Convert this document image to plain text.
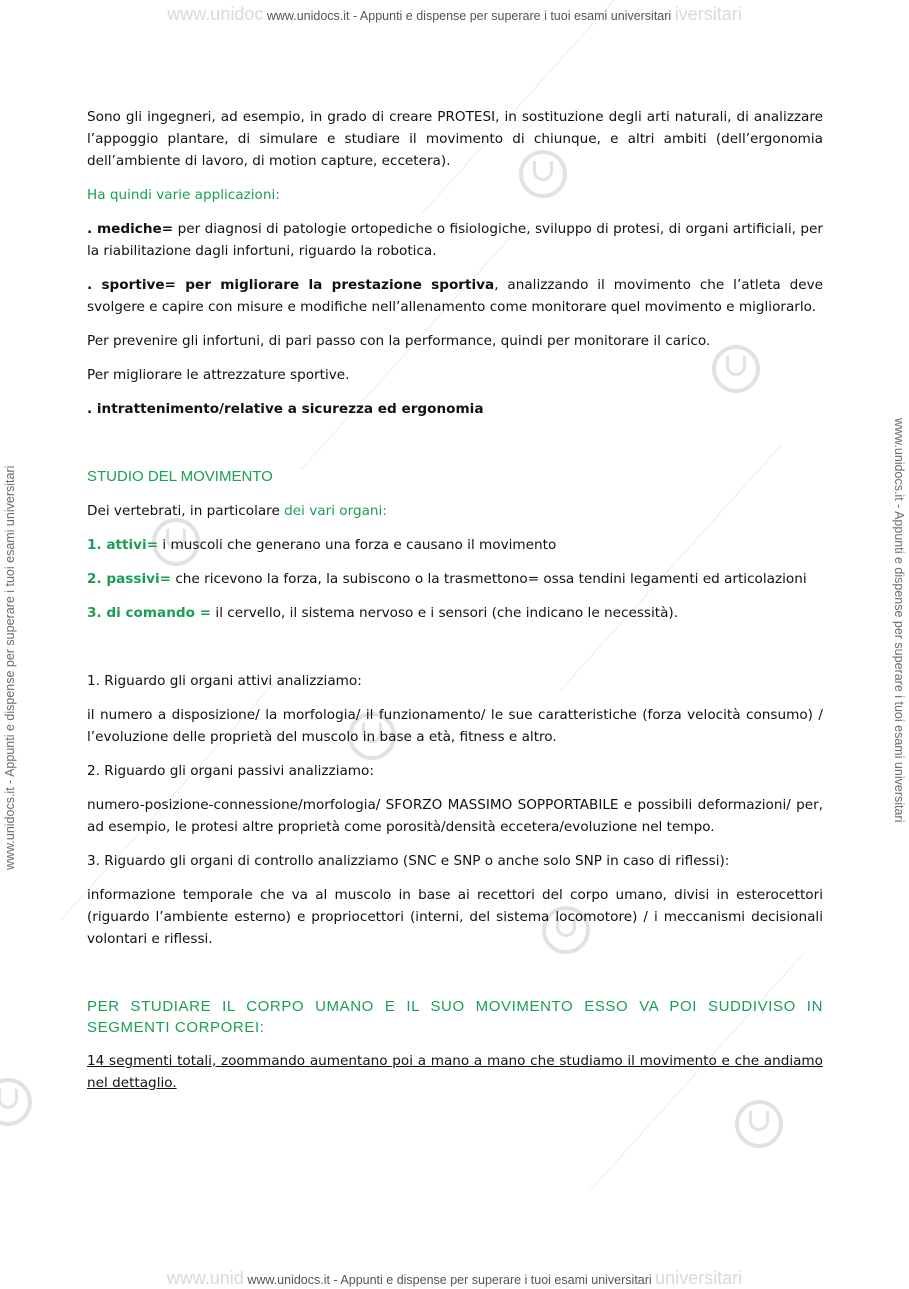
www.unidoc www.unidocs.it - Appunti e dispense per superare i tuoi esami universitari iversitari
www.unid www.unidocs.it - Appunti e dispense per superare i tuoi esami universitari universitari
www.unidocs.it - Appunti e dispense per superare i tuoi esami universitari	www.unidocs.it - Appunti e dispense per superare i tuoi esami universitari

Sono gli ingegneri, ad esempio, in grado di creare PROTESI, in sostituzione degli arti naturali, di analizzare l’appoggio plantare, di simulare e studiare il movimento di chiunque, e altri ambiti (dell’ergonomia dell’ambiente di lavoro, di motion capture, eccetera).

Ha quindi varie applicazioni:

. mediche= per diagnosi di patologie ortopediche o fisiologiche, sviluppo di protesi, di organi artificiali, per la riabilitazione dagli infortuni, riguardo la robotica.

. sportive= per migliorare la prestazione sportiva, analizzando il movimento che l’atleta deve svolgere e capire con misure e modifiche nell’allenamento come monitorare quel movimento e migliorarlo.

Per prevenire gli infortuni, di pari passo con la performance, quindi per monitorare il carico.

Per migliorare le attrezzature sportive.

. intrattenimento/relative a sicurezza ed ergonomia

STUDIO DEL MOVIMENTO

Dei vertebrati, in particolare dei vari organi:

1. attivi= i muscoli che generano una forza e causano il movimento

2. passivi= che ricevono la forza, la subiscono o la trasmettono= ossa tendini legamenti ed articolazioni

3. di comando = il cervello, il sistema nervoso e i sensori (che indicano le necessità).

1. Riguardo gli organi attivi analizziamo:

il numero a disposizione/ la morfologia/ il funzionamento/ le sue caratteristiche (forza velocità consumo) / l’evoluzione delle proprietà del muscolo in base a età, fitness e altro.

2. Riguardo gli organi passivi analizziamo:

numero-posizione-connessione/morfologia/ SFORZO MASSIMO SOPPORTABILE e possibili deformazioni/ per, ad esempio, le protesi altre proprietà come porosità/densità eccetera/evoluzione nel tempo.

3. Riguardo gli organi di controllo analizziamo (SNC e SNP o anche solo SNP in caso di riflessi):

informazione temporale che va al muscolo in base ai recettori del corpo umano, divisi in esterocettori (riguardo l’ambiente esterno) e propriocettori (interni, del sistema locomotore) / i meccanismi decisionali volontari e riflessi.

PER STUDIARE IL CORPO UMANO E IL SUO MOVIMENTO ESSO VA POI SUDDIVISO IN SEGMENTI CORPOREI:

14 segmenti totali, zoommando aumentano poi a mano a mano che studiamo il movimento e che andiamo nel dettaglio.
